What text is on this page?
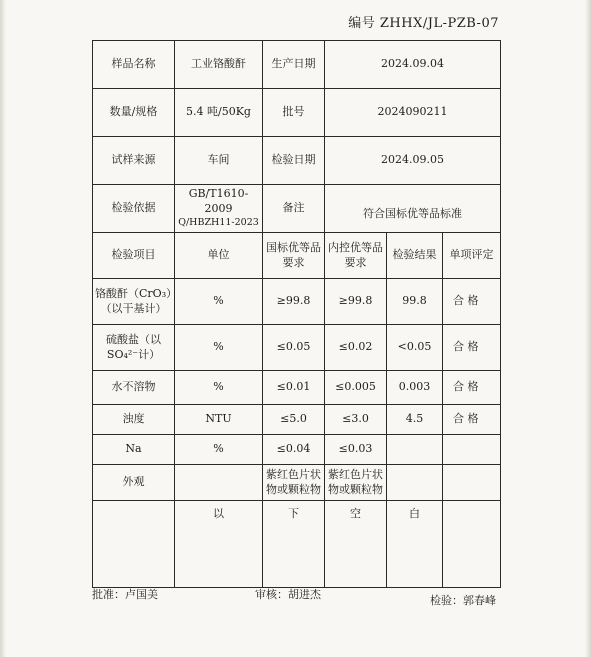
编号 ZHHX/JL-PZB-07
样品名称	工业铬酸酐	生产日期	2024.09.04		
数量/规格	5.4 吨/50Kg	批号	2024090211		
试样来源	车间	检验日期	2024.09.05		
检验依据	GB/T1610-2009
Q/HBZH11-2023	备注	符合国标优等品标准		
检验项目	单位	国标优等品要求	内控优等品要求	检验结果	单项评定

铬酸酐（CrO₃）
（以干基计）	%	≥99.8	≥99.8	99.8	合 格

硫酸盐（以
SO₄²⁻计）	%	≤0.05	≤0.02	<0.05	合 格
水不溶物	%	≤0.01	≤0.005	0.003	合 格
浊度	NTU	≤5.0	≤3.0	4.5	合 格
Na	%	≤0.04	≤0.03		
外观		紫红色片状物或颗粒物	紫红色片状物或颗粒物		
	以	下	空	白	
批准：卢国美	审核：胡进杰	检验：郭春峰
